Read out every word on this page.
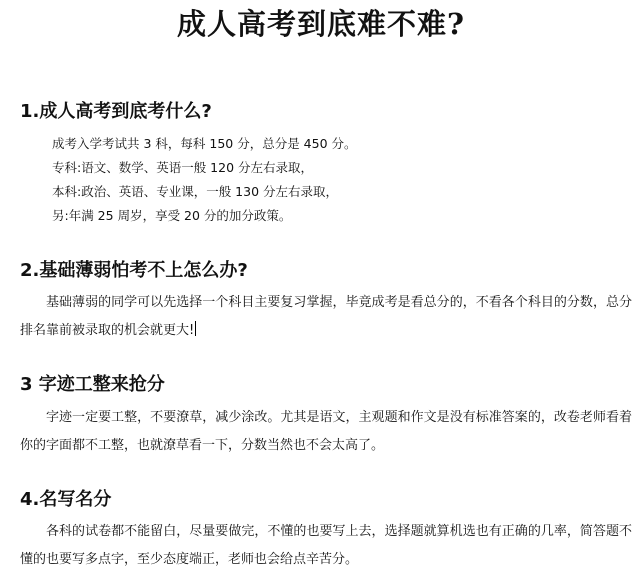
成人高考到底难不难?
1.成人高考到底考什么?
成考入学考试共 3 科，每科 150 分，总分是 450 分。
专科:语文、数学、英语一般 120 分左右录取，
本科:政治、英语、专业课，一般 130 分左右录取，
另:年满 25 周岁，享受 20 分的加分政策。
2.基础薄弱怕考不上怎么办?
基础薄弱的同学可以先选择一个科目主要复习掌握，毕竟成考是看总分的，不看各个科目的分数，总分排名靠前被录取的机会就更大!
3 字迹工整来抢分
字迹一定要工整，不要潦草，减少涂改。尤其是语文，主观题和作文是没有标准答案的，改卷老师看着你的字面都不工整，也就潦草看一下，分数当然也不会太高了。
4.名写名分
各科的试卷都不能留白，尽量要做完，不懂的也要写上去，选择题就算机选也有正确的几率，简答题不懂的也要写多点字，至少态度端正，老师也会给点辛苦分。
